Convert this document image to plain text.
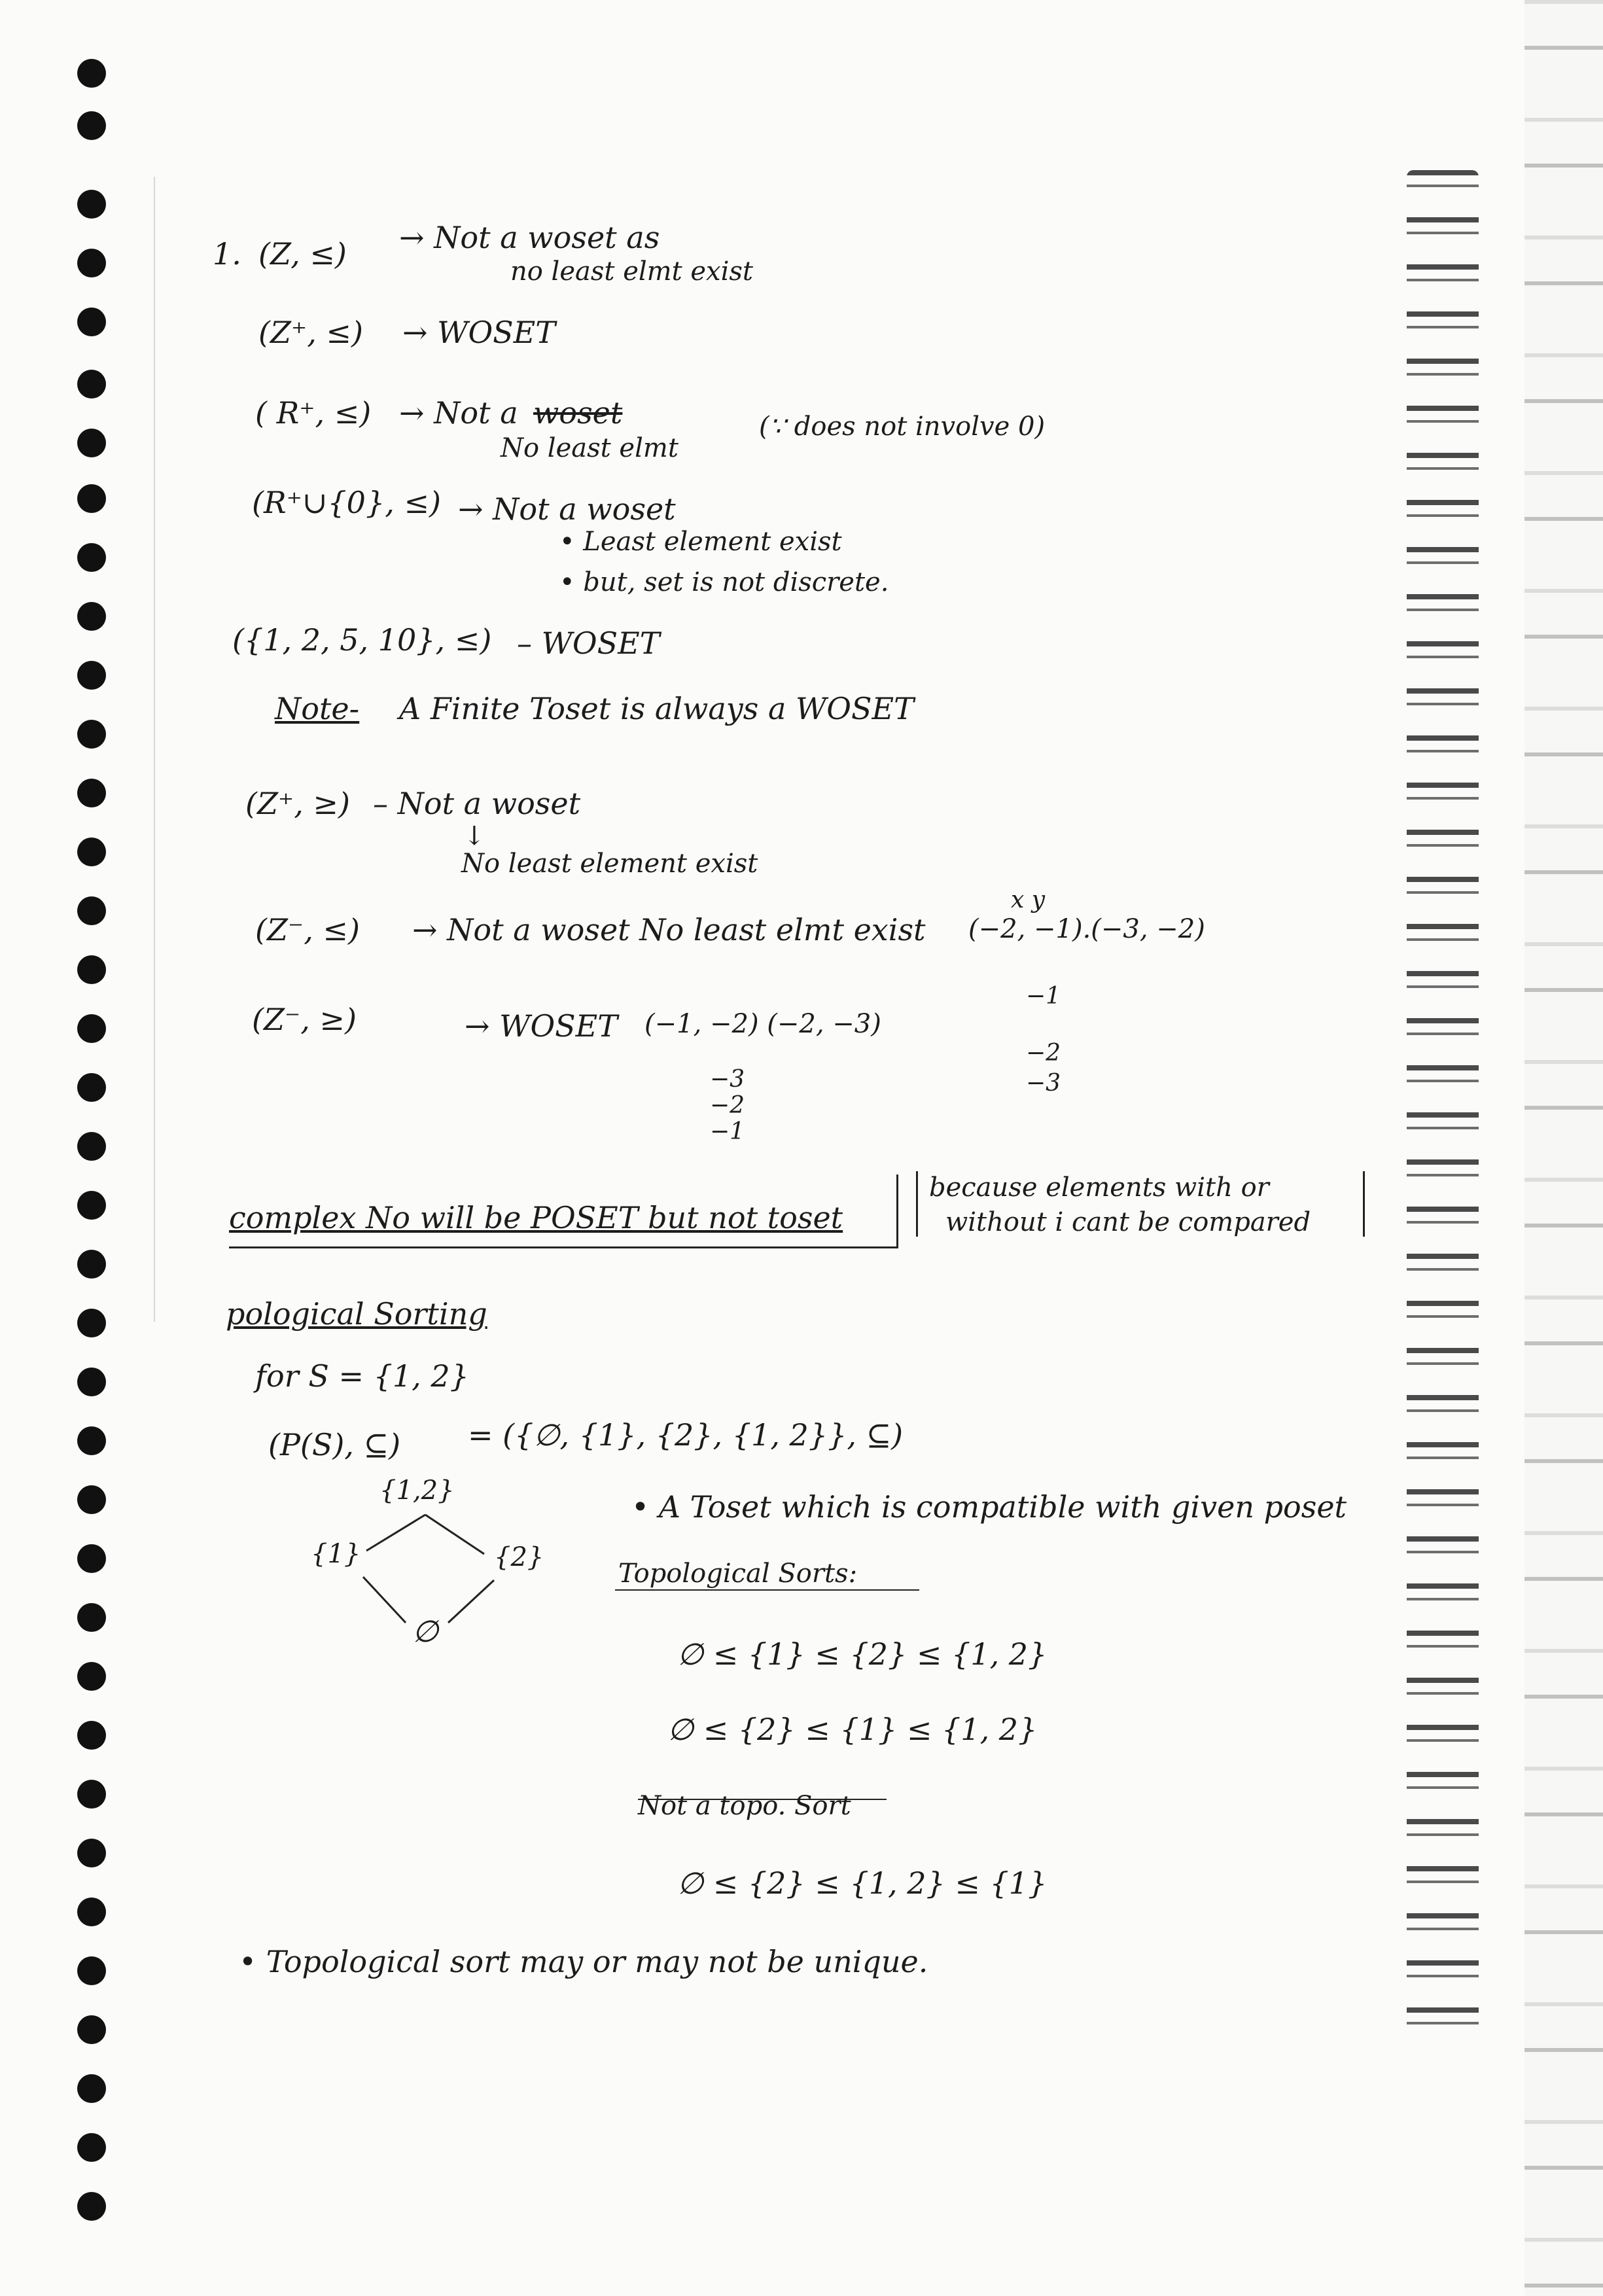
1. (Z, ≤) → Not a woset as
no least elmt exist
(Z⁺, ≤) → WOSET
( R⁺, ≤) → Not a woset
No least elmt
(∵ does not involve 0)
(R⁺∪{0}, ≤) → Not a woset
• Least element exist
• but, set is not discrete.
({1, 2, 5, 10}, ≤) – WOSET
Note- A Finite Toset is always a WOSET
(Z⁺, ≥) – Not a woset
↓
No least element exist
(Z⁻, ≤) → Not a woset No least elmt exist
x y
(−2, −1).(−3, −2)
(Z⁻, ≥)	→ WOSET (−1, −2) (−2, −3)
−3
−2
−1
−1
−2
−3
complex No will be POSET but not toset
because elements with or
without i cant be compared
pological Sorting
for S = {1, 2}
(P(S), ⊆) = ({∅, {1}, {2}, {1, 2}}, ⊆)
{1,2}
{1}	{2}
∅
• A Toset which is compatible with given poset
Topological Sorts:
∅ ≤ {1} ≤ {2} ≤ {1, 2}
∅ ≤ {2} ≤ {1} ≤ {1, 2}
Not a topo. Sort
∅ ≤ {2} ≤ {1, 2} ≤ {1}
• Topological sort may or may not be unique.
